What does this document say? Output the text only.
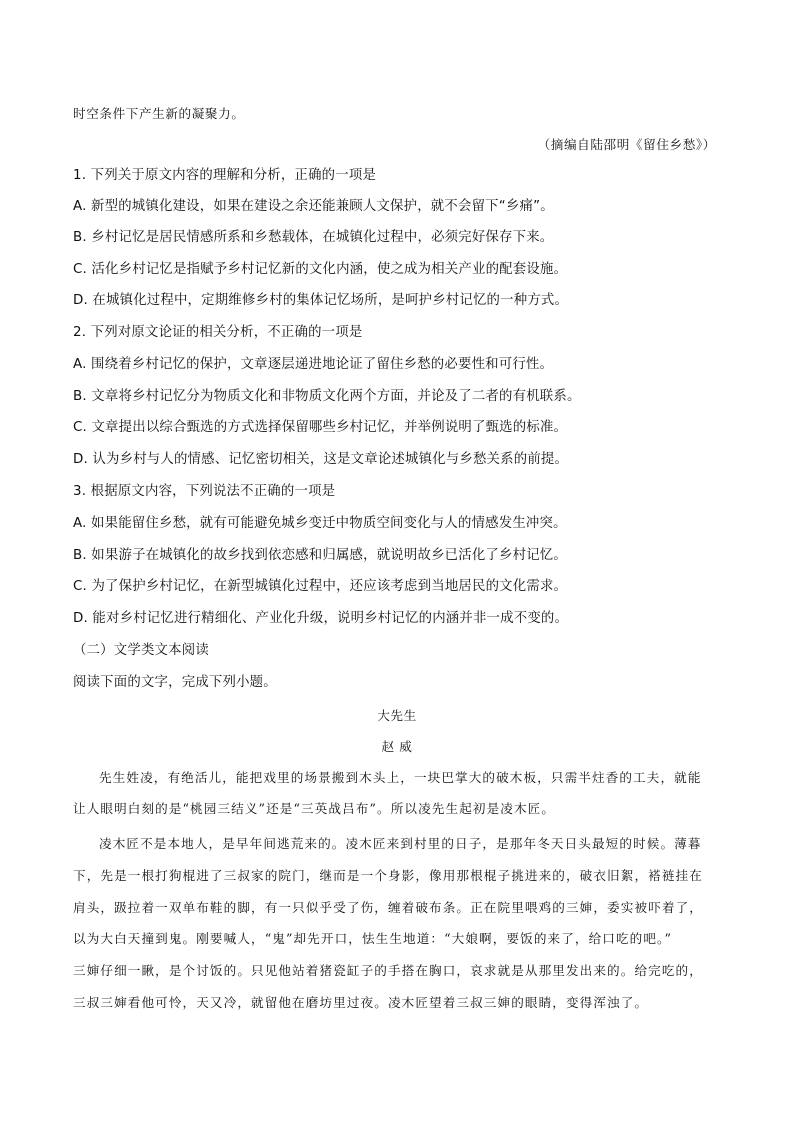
时空条件下产生新的凝聚力。
（摘编自陆邵明《留住乡愁》）
1. 下列关于原文内容的理解和分析，正确的一项是
A. 新型的城镇化建设，如果在建设之余还能兼顾人文保护，就不会留下“乡痛”。
B. 乡村记忆是居民情感所系和乡愁载体，在城镇化过程中，必须完好保存下来。
C. 活化乡村记忆是指赋予乡村记忆新的文化内涵，使之成为相关产业的配套设施。
D. 在城镇化过程中，定期维修乡村的集体记忆场所，是呵护乡村记忆的一种方式。
2. 下列对原文论证的相关分析，不正确的一项是
A. 围绕着乡村记忆的保护，文章逐层递进地论证了留住乡愁的必要性和可行性。
B. 文章将乡村记忆分为物质文化和非物质文化两个方面，并论及了二者的有机联系。
C. 文章提出以综合甄选的方式选择保留哪些乡村记忆，并举例说明了甄选的标准。
D. 认为乡村与人的情感、记忆密切相关，这是文章论述城镇化与乡愁关系的前提。
3. 根据原文内容，下列说法不正确的一项是
A. 如果能留住乡愁，就有可能避免城乡变迁中物质空间变化与人的情感发生冲突。
B. 如果游子在城镇化的故乡找到依恋感和归属感，就说明故乡已活化了乡村记忆。
C. 为了保护乡村记忆，在新型城镇化过程中，还应该考虑到当地居民的文化需求。
D. 能对乡村记忆进行精细化、产业化升级，说明乡村记忆的内涵并非一成不变的。
（二）文学类文本阅读
阅读下面的文字，完成下列小题。
大先生
赵 威
先生姓凌，有绝活儿，能把戏里的场景搬到木头上，一块巴掌大的破木板，只需半炷香的工夫，就能
让人眼明白刻的是“桃园三结义”还是“三英战吕布”。所以凌先生起初是凌木匠。
凌木匠不是本地人，是早年间逃荒来的。凌木匠来到村里的日子，是那年冬天日头最短的时候。薄暮
下，先是一根打狗棍进了三叔家的院门，继而是一个身影，像用那根棍子挑进来的，破衣旧絮，褡裢挂在
肩头，趿拉着一双单布鞋的脚，有一只似乎受了伤，缠着破布条。正在院里喂鸡的三婶，委实被吓着了，
以为大白天撞到鬼。刚要喊人，“鬼”却先开口，怯生生地道：“大娘啊，要饭的来了，给口吃的吧。”
三婶仔细一瞅，是个讨饭的。只见他站着猪瓷缸子的手搭在胸口，哀求就是从那里发出来的。给完吃的，
三叔三婶看他可怜，天又冷，就留他在磨坊里过夜。凌木匠望着三叔三婶的眼睛，变得浑浊了。
